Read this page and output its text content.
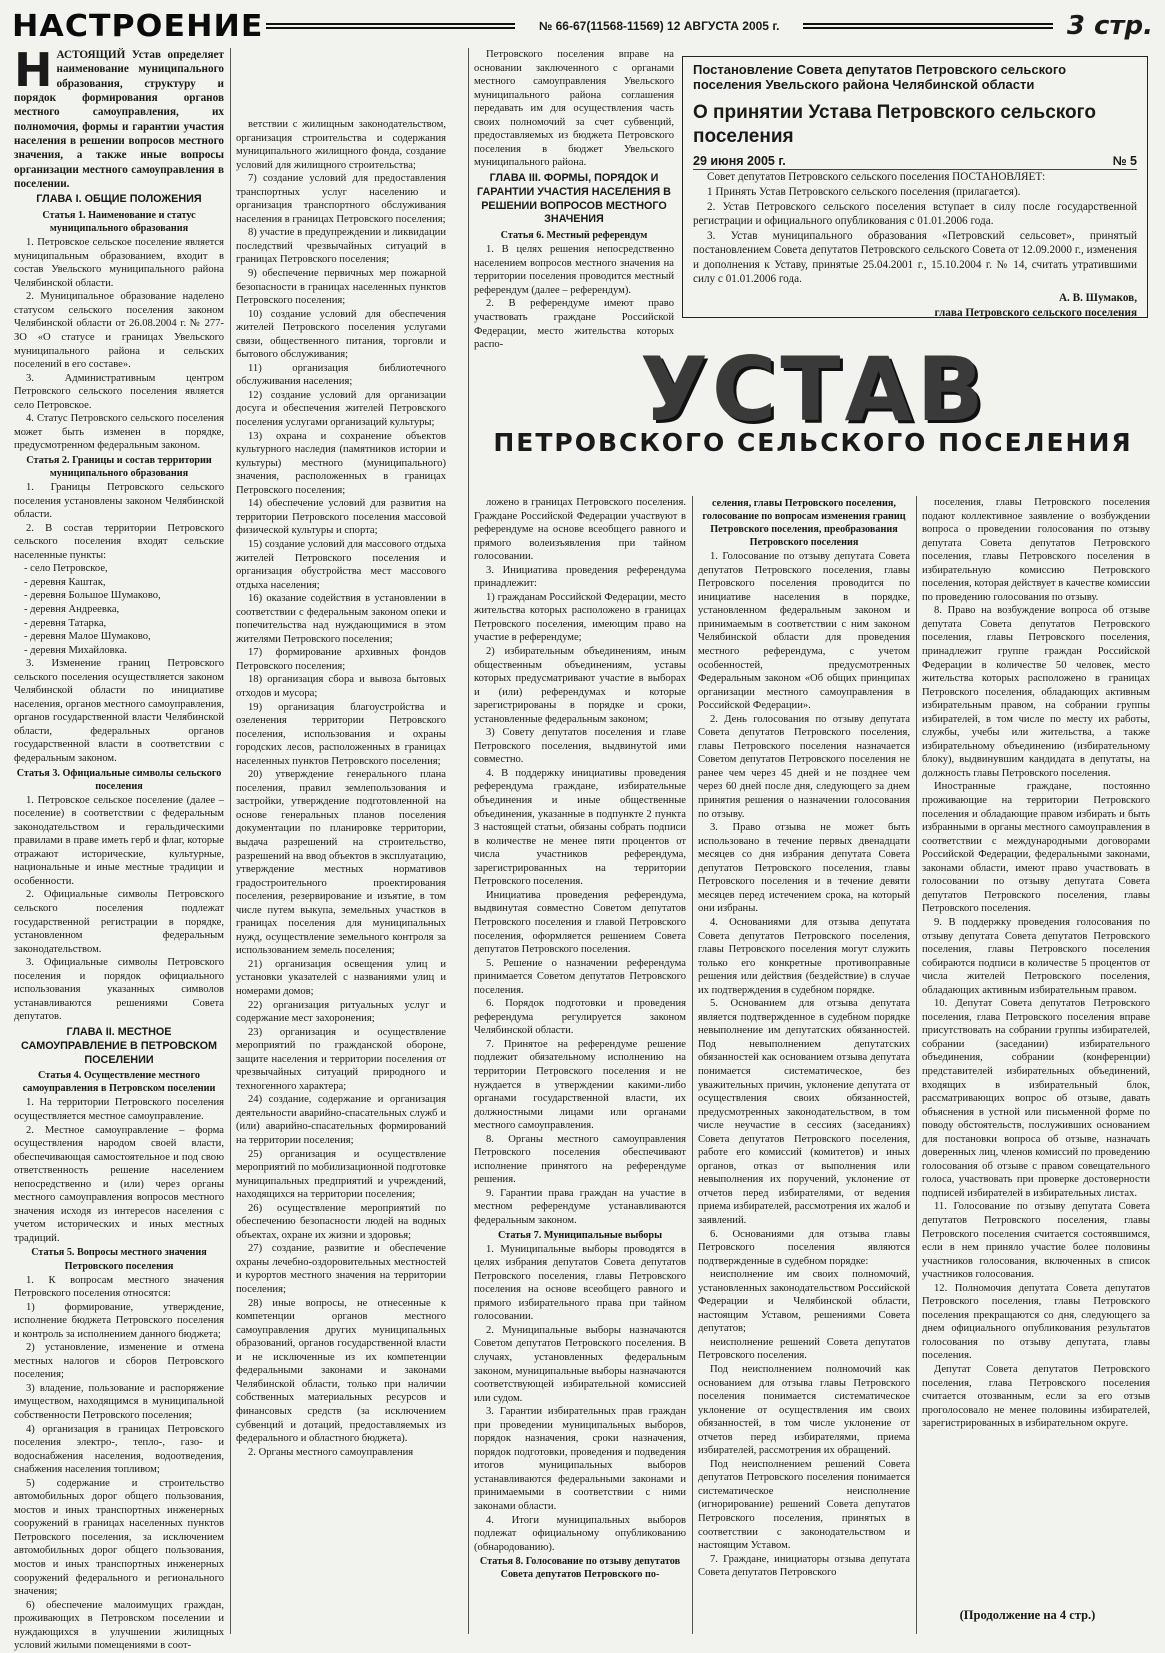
НАСТРОЕНИЕ	№ 66-67(11568-11569) 12 АВГУСТА 2005 г.	3 стр.

НАСТОЯЩИЙ Устав определяет наименование муниципального образования, структуру и порядок формирования органов местного самоуправления, их полномочия, формы и гарантии участия населения в решении вопросов местного значения, а также иные вопросы организации местного самоуправления в поселении.

ГЛАВА I. ОБЩИЕ ПОЛОЖЕНИЯ
Статья 1. Наименование и статус муниципального образования

1. Петровское сельское поселение является муниципальным образованием, входит в состав Увельского муниципального района Челябинской области.

2. Муниципальное образование наделено статусом сельского поселения законом Челябинской области от 26.08.2004 г. № 277-ЗО «О статусе и границах Увельского муниципального района и сельских поселений в его составе».

3. Административным центром Петровского сельского поселения является село Петровское.

4. Статус Петровского сельского поселения может быть изменен в порядке, предусмотренном федеральным законом.

Статья 2. Границы и состав территории муниципального образования

1. Границы Петровского сельского поселения установлены законом Челябинской области.

2. В состав территории Петровского сельского поселения входят сельские населенные пункты:

- село Петровское,

- деревня Каштак,

- деревня Большое Шумаково,

- деревня Андреевка,

- деревня Татарка,

- деревня Малое Шумаково,

- деревня Михайловка.

3. Изменение границ Петровского сельского поселения осуществляется законом Челябинской области по инициативе населения, органов местного самоуправления, органов государственной власти Челябинской области, федеральных органов государственной власти в соответствии с федеральным законом.

Статья 3. Официальные символы сельского поселения

1. Петровское сельское поселение (далее – поселение) в соответствии с федеральным законодательством и геральдическими правилами в праве иметь герб и флаг, которые отражают исторические, культурные, национальные и иные местные традиции и особенности.

2. Официальные символы Петровского сельского поселения подлежат государственной регистрации в порядке, установленном федеральным законодательством.

3. Официальные символы Петровского поселения и порядок официального использования указанных символов устанавливаются решениями Совета депутатов.

ГЛАВА II. МЕСТНОЕ САМОУПРАВЛЕНИЕ В ПЕТРОВСКОМ ПОСЕЛЕНИИ
Статья 4. Осуществление местного самоуправления в Петровском поселении

1. На территории Петровского поселения осуществляется местное самоуправление.

2. Местное самоуправление – форма осуществления народом своей власти, обеспечивающая самостоятельное и под свою ответственность решение населением непосредственно и (или) через органы местного самоуправления вопросов местного значения исходя из интересов населения с учетом исторических и иных местных традиций.

Статья 5. Вопросы местного значения Петровского поселения

1. К вопросам местного значения Петровского поселения относятся:

1) формирование, утверждение, исполнение бюджета Петровского поселения и контроль за исполнением данного бюджета;

2) установление, изменение и отмена местных налогов и сборов Петровского поселения;

3) владение, пользование и распоряжение имуществом, находящимся в муниципальной собственности Петровского поселения;

4) организация в границах Петровского поселения электро-, тепло-, газо- и водоснабжения населения, водоотведения, снабжения населения топливом;

5) содержание и строительство автомобильных дорог общего пользования, мостов и иных транспортных инженерных сооружений в границах населенных пунктов Петровского поселения, за исключением автомобильных дорог общего пользования, мостов и иных транспортных инженерных сооружений федерального и регионального значения;

6) обеспечение малоимущих граждан, проживающих в Петровском поселении и нуждающихся в улучшении жилищных условий жилыми помещениями в соот-

ветствии с жилищным законодательством, организация строительства и содержания муниципального жилищного фонда, создание условий для жилищного строительства;

7) создание условий для предоставления транспортных услуг населению и организация транспортного обслуживания населения в границах Петровского поселения;

8) участие в предупреждении и ликвидации последствий чрезвычайных ситуаций в границах Петровского поселения;

9) обеспечение первичных мер пожарной безопасности в границах населенных пунктов Петровского поселения;

10) создание условий для обеспечения жителей Петровского поселения услугами связи, общественного питания, торговли и бытового обслуживания;

11) организация библиотечного обслуживания населения;

12) создание условий для организации досуга и обеспечения жителей Петровского поселения услугами организаций культуры;

13) охрана и сохранение объектов культурного наследия (памятников истории и культуры) местного (муниципального) значения, расположенных в границах Петровского поселения;

14) обеспечение условий для развития на территории Петровского поселения массовой физической культуры и спорта;

15) создание условий для массового отдыха жителей Петровского поселения и организация обустройства мест массового отдыха населения;

16) оказание содействия в установлении в соответствии с федеральным законом опеки и попечительства над нуждающимися в этом жителями Петровского поселения;

17) формирование архивных фондов Петровского поселения;

18) организация сбора и вывоза бытовых отходов и мусора;

19) организация благоустройства и озеленения территории Петровского поселения, использования и охраны городских лесов, расположенных в границах населенных пунктов Петровского поселения;

20) утверждение генерального плана поселения, правил землепользования и застройки, утверждение подготовленной на основе генеральных планов поселения документации по планировке территории, выдача разрешений на строительство, разрешений на ввод объектов в эксплуатацию, утверждение местных нормативов градостроительного проектирования поселения, резервирование и изъятие, в том числе путем выкупа, земельных участков в границах поселения для муниципальных нужд, осуществление земельного контроля за использованием земель поселения;

21) организация освещения улиц и установки указателей с названиями улиц и номерами домов;

22) организация ритуальных услуг и содержание мест захоронения;

23) организация и осуществление мероприятий по гражданской обороне, защите населения и территории поселения от чрезвычайных ситуаций природного и техногенного характера;

24) создание, содержание и организация деятельности аварийно-спасательных служб и (или) аварийно-спасательных формирований на территории поселения;

25) организация и осуществление мероприятий по мобилизационной подготовке муниципальных предприятий и учреждений, находящихся на территории поселения;

26) осуществление мероприятий по обеспечению безопасности людей на водных объектах, охране их жизни и здоровья;

27) создание, развитие и обеспечение охраны лечебно-оздоровительных местностей и курортов местного значения на территории поселения;

28) иные вопросы, не отнесенные к компетенции органов местного самоуправления других муниципальных образований, органов государственной власти и не исключенные из их компетенции федеральными законами и законами Челябинской области, только при наличии собственных материальных ресурсов и финансовых средств (за исключением субвенций и дотаций, предоставляемых из федерального и областного бюджета).

2. Органы местного самоуправления

Петровского поселения вправе на основании заключенного с органами местного самоуправления Увельского муниципального района соглашения передавать им для осуществления часть своих полномочий за счет субвенций, предоставляемых из бюджета Петровского поселения в бюджет Увельского муниципального района.

ГЛАВА III. ФОРМЫ, ПОРЯДОК И ГАРАНТИИ УЧАСТИЯ НАСЕЛЕНИЯ В РЕШЕНИИ ВОПРОСОВ МЕСТНОГО ЗНАЧЕНИЯ
Статья 6. Местный референдум

1. В целях решения непосредственно населением вопросов местного значения на территории поселения проводится местный референдум (далее – референдум).

2. В референдуме имеют право участвовать граждане Российской Федерации, место жительства которых распо-

Постановление Совета депутатов Петровского сельского поселения Увельского района Челябинской области
О принятии Устава Петровского сельского поселения
29 июня 2005 г.	№ 5

Совет депутатов Петровского сельского поселения ПОСТАНОВЛЯЕТ:

1 Принять Устав Петровского сельского поселения (прилагается).

2. Устав Петровского сельского поселения вступает в силу после государственной регистрации и официального опубликования с 01.01.2006 года.

3. Устав муниципального образования «Петровский сельсовет», принятый постановлением Совета депутатов Петровского сельского Совета от 12.09.2000 г., изменения и дополнения к Уставу, принятые 25.04.2001 г., 15.10.2004 г. № 14, считать утратившими силу с 01.01.2006 года.

А. В. Шумаков,
глава Петровского сельского поселения
УСТАВ
ПЕТРОВСКОГО СЕЛЬСКОГО ПОСЕЛЕНИЯ

ложено в границах Петровского поселения. Граждане Российской Федерации участвуют в референдуме на основе всеобщего равного и прямого волеизъявления при тайном голосовании.

3. Инициатива проведения референдума принадлежит:

1) гражданам Российской Федерации, место жительства которых расположено в границах Петровского поселения, имеющим право на участие в референдуме;

2) избирательным объединениям, иным общественным объединениям, уставы которых предусматривают участие в выборах и (или) референдумах и которые зарегистрированы в порядке и сроки, установленные федеральным законом;

3) Совету депутатов поселения и главе Петровского поселения, выдвинутой ими совместно.

4. В поддержку инициативы проведения референдума граждане, избирательные объединения и иные общественные объединения, указанные в подпункте 2 пункта 3 настоящей статьи, обязаны собрать подписи в количестве не менее пяти процентов от числа участников референдума, зарегистрированных на территории Петровского поселения.

Инициатива проведения референдума, выдвинутая совместно Советом депутатов Петровского поселения и главой Петровского поселения, оформляется решением Совета депутатов Петровского поселения.

5. Решение о назначении референдума принимается Советом депутатов Петровского поселения.

6. Порядок подготовки и проведения референдума регулируется законом Челябинской области.

7. Принятое на референдуме решение подлежит обязательному исполнению на территории Петровского поселения и не нуждается в утверждении какими-либо органами государственной власти, их должностными лицами или органами местного самоуправления.

8. Органы местного самоуправления Петровского поселения обеспечивают исполнение принятого на референдуме решения.

9. Гарантии права граждан на участие в местном референдуме устанавливаются федеральным законом.

Статья 7. Муниципальные выборы

1. Муниципальные выборы проводятся в целях избрания депутатов Совета депутатов Петровского поселения, главы Петровского поселения на основе всеобщего равного и прямого избирательного права при тайном голосовании.

2. Муниципальные выборы назначаются Советом депутатов Петровского поселения. В случаях, установленных федеральным законом, муниципальные выборы назначаются соответствующей избирательной комиссией или судом.

3. Гарантии избирательных прав граждан при проведении муниципальных выборов, порядок назначения, сроки назначения, порядок подготовки, проведения и подведения итогов муниципальных выборов устанавливаются федеральными законами и принимаемыми в соответствии с ними законами области.

4. Итоги муниципальных выборов подлежат официальному опубликованию (обнародованию).

Статья 8. Голосование по отзыву депутатов Совета депутатов Петровского по-
селения, главы Петровского поселения, голосование по вопросам изменения границ Петровского поселения, преобразования Петровского поселения

1. Голосование по отзыву депутата Совета депутатов Петровского поселения, главы Петровского поселения проводится по инициативе населения в порядке, установленном федеральным законом и принимаемым в соответствии с ним законом Челябинской области для проведения местного референдума, с учетом особенностей, предусмотренных Федеральным законом «Об общих принципах организации местного самоуправления в Российской Федерации».

2. День голосования по отзыву депутата Совета депутатов Петровского поселения, главы Петровского поселения назначается Советом депутатов Петровского поселения не ранее чем через 45 дней и не позднее чем через 60 дней после дня, следующего за днем принятия решения о назначении голосования по отзыву.

3. Право отзыва не может быть использовано в течение первых двенадцати месяцев со дня избрания депутата Совета депутатов Петровского поселения, главы Петровского поселения и в течение девяти месяцев перед истечением срока, на который они избраны.

4. Основаниями для отзыва депутата Совета депутатов Петровского поселения, главы Петровского поселения могут служить только его конкретные противоправные решения или действия (бездействие) в случае их подтверждения в судебном порядке.

5. Основанием для отзыва депутата является подтвержденное в судебном порядке невыполнение им депутатских обязанностей. Под невыполнением депутатских обязанностей как основанием отзыва депутата понимается систематическое, без уважительных причин, уклонение депутата от осуществления своих обязанностей, предусмотренных законодательством, в том числе неучастие в сессиях (заседаниях) Совета депутатов Петровского поселения, работе его комиссий (комитетов) и иных органов, отказ от выполнения или невыполнения их поручений, уклонение от отчетов перед избирателями, от ведения приема избирателей, рассмотрения их жалоб и заявлений.

6. Основаниями для отзыва главы Петровского поселения являются подтвержденные в судебном порядке:

неисполнение им своих полномочий, установленных законодательством Российской Федерации и Челябинской области, настоящим Уставом, решениями Совета депутатов;

неисполнение решений Совета депутатов Петровского поселения.

Под неисполнением полномочий как основанием для отзыва главы Петровского поселения понимается систематическое уклонение от осуществления им своих обязанностей, в том числе уклонение от отчетов перед избирателями, приема избирателей, рассмотрения их обращений.

Под неисполнением решений Совета депутатов Петровского поселения понимается систематическое неисполнение (игнорирование) решений Совета депутатов Петровского поселения, принятых в соответствии с законодательством и настоящим Уставом.

7. Граждане, инициаторы отзыва депутата Совета депутатов Петровского

поселения, главы Петровского поселения подают коллективное заявление о возбуждении вопроса о проведении голосования по отзыву депутата Совета депутатов Петровского поселения, главы Петровского поселения в избирательную комиссию Петровского поселения, которая действует в качестве комиссии по проведению голосования по отзыву.

8. Право на возбуждение вопроса об отзыве депутата Совета депутатов Петровского поселения, главы Петровского поселения, принадлежит группе граждан Российской Федерации в количестве 50 человек, место жительства которых расположено в границах Петровского поселения, обладающих активным избирательным правом, на собрании группы избирателей, в том числе по месту их работы, службы, учебы или жительства, а также избирательному объединению (избирательному блоку), выдвинувшим кандидата в депутаты, на должность главы Петровского поселения.

Иностранные граждане, постоянно проживающие на территории Петровского поселения и обладающие правом избирать и быть избранными в органы местного самоуправления в соответствии с международными договорами Российской Федерации, федеральными законами, законами области, имеют право участвовать в голосовании по отзыву депутата Совета депутатов Петровского поселения, главы Петровского поселения.

9. В поддержку проведения голосования по отзыву депутата Совета депутатов Петровского поселения, главы Петровского поселения собираются подписи в количестве 5 процентов от числа жителей Петровского поселения, обладающих активным избирательным правом.

10. Депутат Совета депутатов Петровского поселения, глава Петровского поселения вправе присутствовать на собрании группы избирателей, собрании (заседании) избирательного объединения, собрании (конференции) представителей избирательных объединений, входящих в избирательный блок, рассматривающих вопрос об отзыве, давать объяснения в устной или письменной форме по поводу обстоятельств, послуживших основанием для постановки вопроса об отзыве, назначать доверенных лиц, членов комиссий по проведению голосования об отзыве с правом совещательного голоса, участвовать при проверке достоверности подписей избирателей в избирательных листах.

11. Голосование по отзыву депутата Совета депутатов Петровского поселения, главы Петровского поселения считается состоявшимся, если в нем приняло участие более половины участников голосования, включенных в список участников голосования.

12. Полномочия депутата Совета депутатов Петровского поселения, главы Петровского поселения прекращаются со дня, следующего за днем официального опубликования результатов голосования по отзыву депутата, главы поселения.

Депутат Совета депутатов Петровского поселения, глава Петровского поселения считается отозванным, если за его отзыв проголосовало не менее половины избирателей, зарегистрированных в избирательном округе.

(Продолжение на 4 стр.)
